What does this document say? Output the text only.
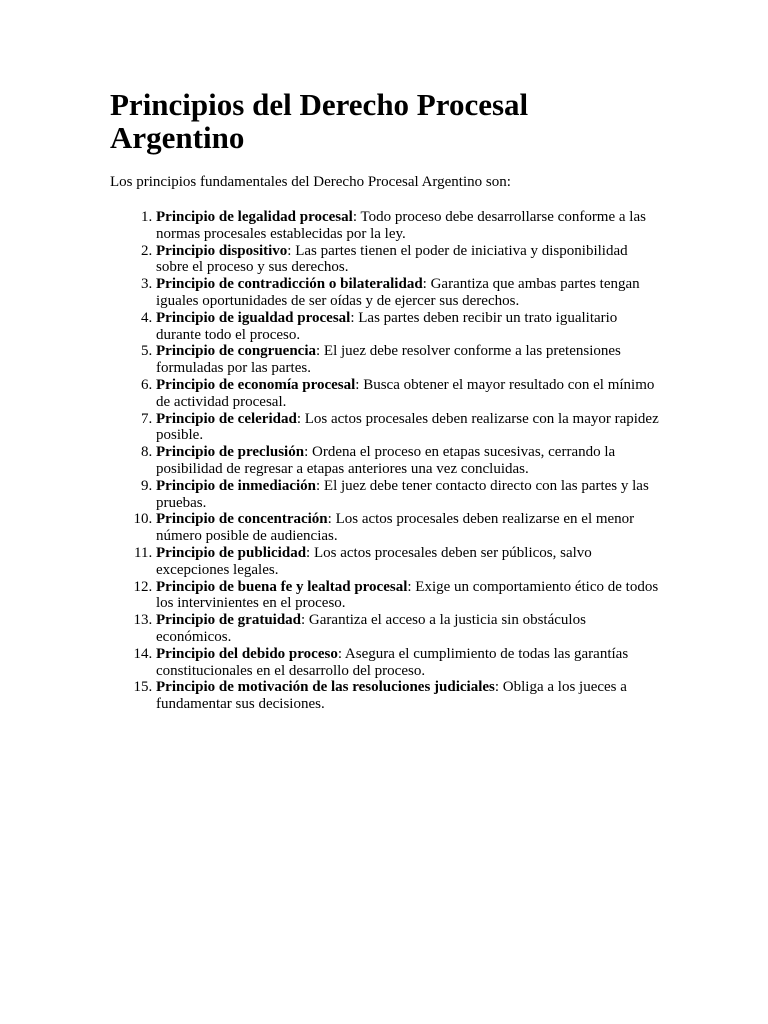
Principios del Derecho Procesal Argentino

Los principios fundamentales del Derecho Procesal Argentino son:

1. Principio de legalidad procesal: Todo proceso debe desarrollarse conforme a las normas procesales establecidas por la ley.
2. Principio dispositivo: Las partes tienen el poder de iniciativa y disponibilidad sobre el proceso y sus derechos.
3. Principio de contradicción o bilateralidad: Garantiza que ambas partes tengan iguales oportunidades de ser oídas y de ejercer sus derechos.
4. Principio de igualdad procesal: Las partes deben recibir un trato igualitario durante todo el proceso.
5. Principio de congruencia: El juez debe resolver conforme a las pretensiones formuladas por las partes.
6. Principio de economía procesal: Busca obtener el mayor resultado con el mínimo de actividad procesal.
7. Principio de celeridad: Los actos procesales deben realizarse con la mayor rapidez posible.
8. Principio de preclusión: Ordena el proceso en etapas sucesivas, cerrando la posibilidad de regresar a etapas anteriores una vez concluidas.
9. Principio de inmediación: El juez debe tener contacto directo con las partes y las pruebas.
10. Principio de concentración: Los actos procesales deben realizarse en el menor número posible de audiencias.
11. Principio de publicidad: Los actos procesales deben ser públicos, salvo excepciones legales.
12. Principio de buena fe y lealtad procesal: Exige un comportamiento ético de todos los intervinientes en el proceso.
13. Principio de gratuidad: Garantiza el acceso a la justicia sin obstáculos económicos.
14. Principio del debido proceso: Asegura el cumplimiento de todas las garantías constitucionales en el desarrollo del proceso.
15. Principio de motivación de las resoluciones judiciales: Obliga a los jueces a fundamentar sus decisiones.
